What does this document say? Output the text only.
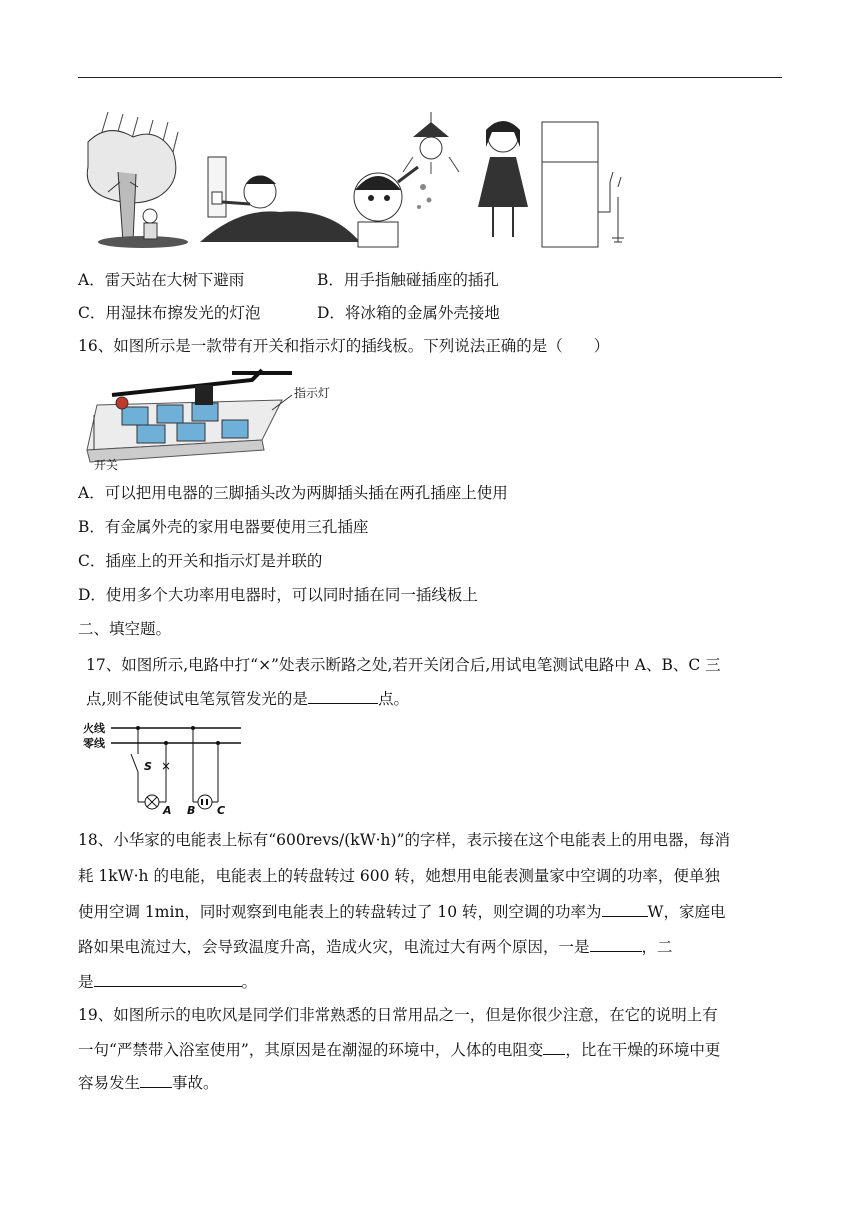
A．雷天站在大树下避雨	B．用手指触碰插座的插孔
C．用湿抹布擦发光的灯泡	D．将冰箱的金属外壳接地
16、如图所示是一款带有开关和指示灯的插线板。下列说法正确的是（　　）
指示灯
开关
A．可以把用电器的三脚插头改为两脚插头插在两孔插座上使用
B．有金属外壳的家用电器要使用三孔插座
C．插座上的开关和指示灯是并联的
D．使用多个大功率用电器时，可以同时插在同一插线板上
二、填空题。
17、如图所示,电路中打“×”处表示断路之处,若开关闭合后,用试电笔测试电路中 A、B、C 三
点,则不能使试电笔氖管发光的是	点。
火线
零线
S ×
A B C
18、小华家的电能表上标有“600revs/(kW·h)”的字样，表示接在这个电能表上的用电器，每消
耗 1kW·h 的电能，电能表上的转盘转过 600 转，她想用电能表测量家中空调的功率，便单独
使用空调 1min，同时观察到电能表上的转盘转过了 10 转，则空调的功率为	W，家庭电
路如果电流过大，会导致温度升高，造成火灾，电流过大有两个原因，一是	，二
是	。
19、如图所示的电吹风是同学们非常熟悉的日常用品之一，但是你很少注意，在它的说明上有
一句“严禁带入浴室使用”，其原因是在潮湿的环境中，人体的电阻变 ，比在干燥的环境中更
容易发生 事故。
